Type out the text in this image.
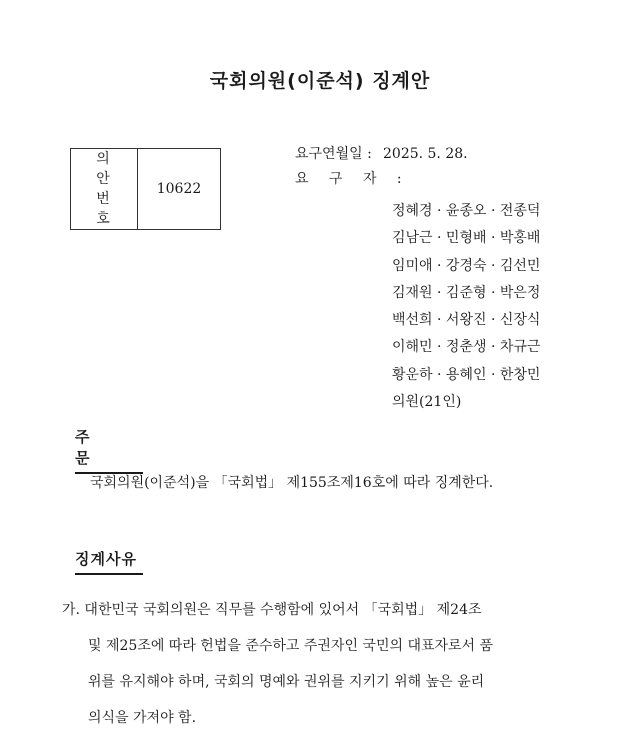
국회의원(이준석) 징계안
의 안
번 호
	10622
요구연월일 : 2025. 5. 28.
요 구 자 :
정혜경 · 윤종오 · 전종덕
김남근 · 민형배 · 박홍배
임미애 · 강경숙 · 김선민
김재원 · 김준형 · 박은정
백선희 · 서왕진 · 신장식
이해민 · 정춘생 · 차규근
황운하 · 용혜인 · 한창민
의원(21인)
주 문
국회의원(이준석)을 「국회법」 제155조제16호에 따라 징계한다.
징계사유
가. 대한민국 국회의원은 직무를 수행함에 있어서 「국회법」 제24조
및 제25조에 따라 헌법을 준수하고 주권자인 국민의 대표자로서 품
위를 유지해야 하며, 국회의 명예와 권위를 지키기 위해 높은 윤리
의식을 가져야 함.
